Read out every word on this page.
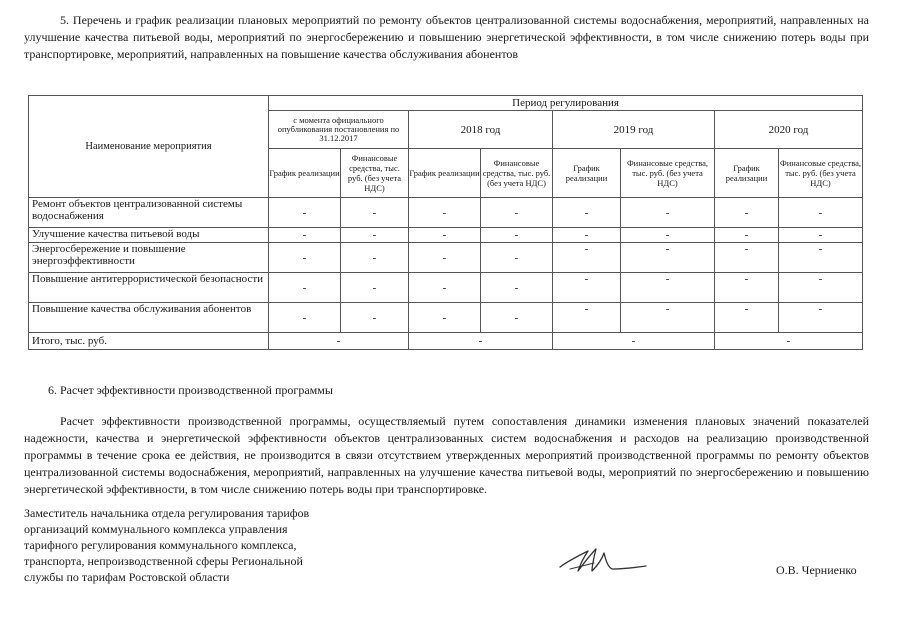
5. Перечень и график реализации плановых мероприятий по ремонту объектов централизованной системы водоснабжения, мероприятий, направленных на улучшение качества питьевой воды, мероприятий по энергосбережению и повышению энергетической эффективности, в том числе снижению потерь воды при транспортировке, мероприятий, направленных на повышение качества обслуживания абонентов
Наименование мероприятия	Период регулирования							
	с момента официального опубликования постановления по 31.12.2017		2018 год		2019 год		2020 год	
	График реализации	Финансовые средства, тыс. руб. (без учета НДС)	График реализации	Финансовые средства, тыс. руб. (без учета НДС)	График реализации	Финансовые средства, тыс. руб. (без учета НДС)	График реализации	Финансовые средства, тыс. руб. (без учета НДС)
Ремонт объектов централизованной системы водоснабжения	-	-	-	-	-	-	-	-
Улучшение качества питьевой воды	-	-	-	-	-	-	-	-
Энергосбережение и повышение энергоэффективности	-	-	-	-	-	-	-	-
Повышение антитеррористической безопасности	-	-	-	-	-	-	-	-
Повышение качества обслуживания абонентов	-	-	-	-	-	-	-	-
Итого, тыс. руб.	-		-		-		-	
6. Расчет эффективности производственной программы
Расчет эффективности производственной программы, осуществляемый путем сопоставления динамики изменения плановых значений показателей надежности, качества и энергетической эффективности объектов централизованных систем водоснабжения и расходов на реализацию производственной программы в течение срока ее действия, не производится в связи отсутствием утвержденных мероприятий производственной программы по ремонту объектов централизованной системы водоснабжения, мероприятий, направленных на улучшение качества питьевой воды, мероприятий по энергосбережению и повышению энергетической эффективности, в том числе снижению потерь воды при транспортировке.
Заместитель начальника отдела регулирования тарифов
организаций коммунального комплекса управления
тарифного регулирования коммунального комплекса,
транспорта, непроизводственной сферы Региональной
службы по тарифам Ростовской области	О.В. Черниенко
